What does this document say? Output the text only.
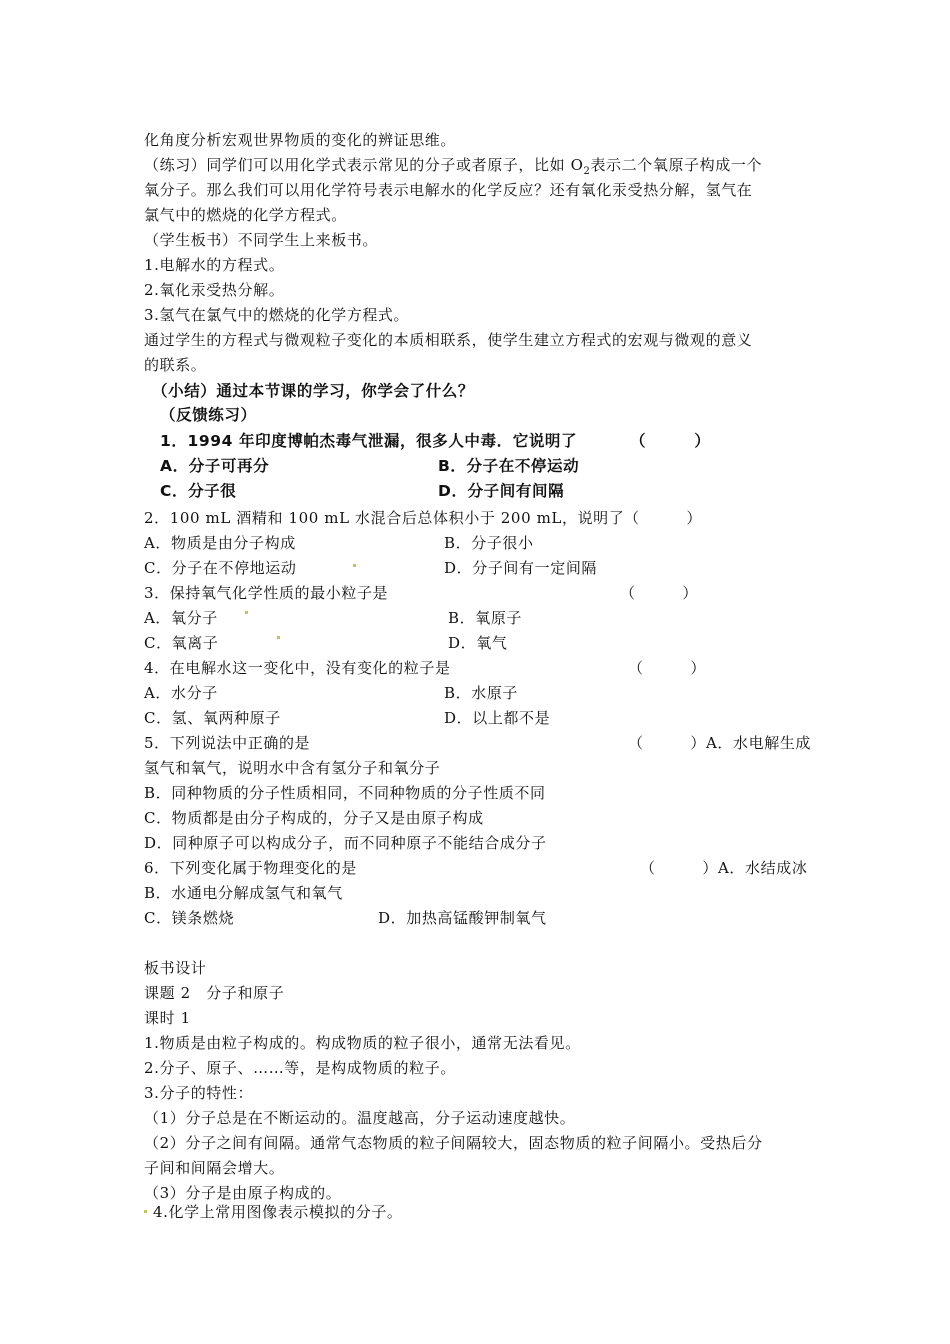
化角度分析宏观世界物质的变化的辨证思维。
（练习）同学们可以用化学式表示常见的分子或者原子，比如 $O_2$表示二个氧原子构成一个
氧分子。那么我们可以用化学符号表示电解水的化学反应？还有氧化汞受热分解，氢气在
氯气中的燃烧的化学方程式。
（学生板书）不同学生上来板书。
1.电解水的方程式。
2.氧化汞受热分解。
3.氢气在氯气中的燃烧的化学方程式。
通过学生的方程式与微观粒子变化的本质相联系，使学生建立方程式的宏观与微观的意义
的联系。
（小结）通过本节课的学习，你学会了什么？
（反馈练习）
1．1994 年印度博帕杰毒气泄漏，很多人中毒．它说明了	（　　　）
A．分子可再分	B．分子在不停运动
C．分子很	D．分子间有间隔
2．100 mL 酒精和 100 mL 水混合后总体积小于 200 mL，说明了 （　　　）
A．物质是由分子构成	B．分子很小
C．分子在不停地运动	D．分子间有一定间隔
3．保持氧气化学性质的最小粒子是	（　　　）
A．氧分子	B．氧原子
C．氧离子	D．氧气
4．在电解水这一变化中，没有变化的粒子是	（　　　）
A．水分子	B．水原子
C．氢、氧两种原子	D．以上都不是
5．下列说法中正确的是	（　　　）A．水电解生成
氢气和氧气，说明水中含有氢分子和氧分子
B．同种物质的分子性质相同，不同种物质的分子性质不同
C．物质都是由分子构成的，分子又是由原子构成
D．同种原子可以构成分子，而不同种原子不能结合成分子
6．下列变化属于物理变化的是	（　　　）A．水结成冰
B．水通电分解成氢气和氧气
C．镁条燃烧	D．加热高锰酸钾制氧气
板书设计
课题 2　分子和原子
课时 1
1.物质是由粒子构成的。构成物质的粒子很小，通常无法看见。
2.分子、原子、……等，是构成物质的粒子。
3.分子的特性：
（1）分子总是在不断运动的。温度越高，分子运动速度越快。
（2）分子之间有间隔。通常气态物质的粒子间隔较大，固态物质的粒子间隔小。受热后分
子间和间隔会增大。
（3）分子是由原子构成的。
4.化学上常用图像表示模拟的分子。
